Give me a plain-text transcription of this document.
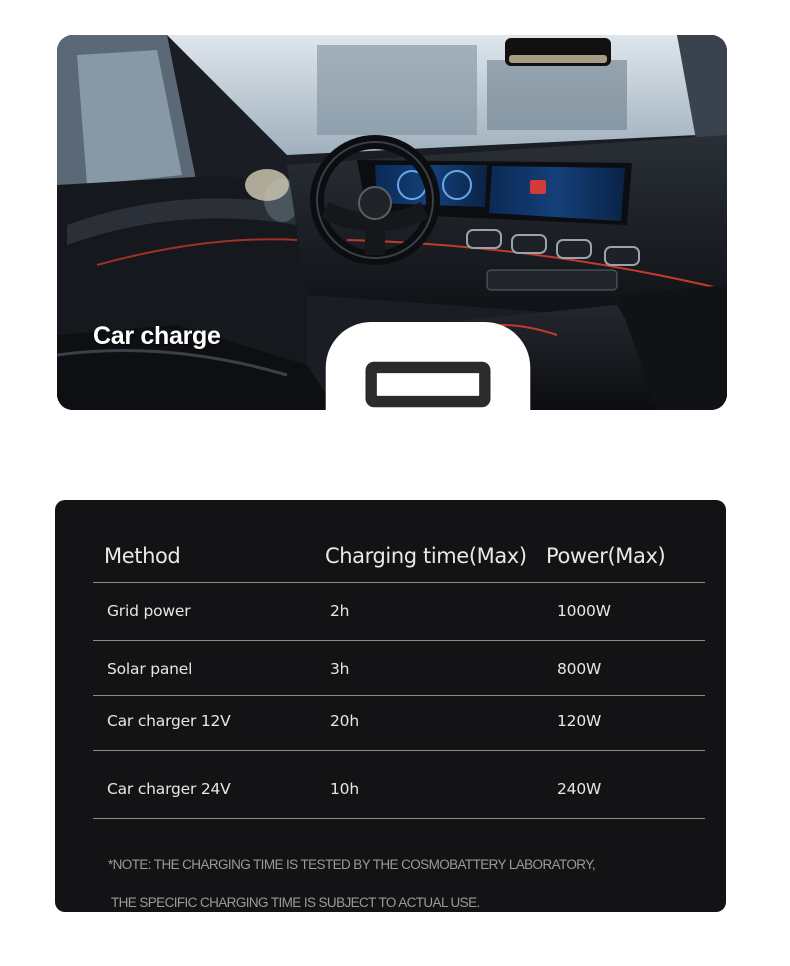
Car charge
Method	Charging time(Max) Power(Max)
Grid power	2h	1000W
Solar panel	3h	800W
Car charger 12V	20h	120W
Car charger 24V	10h	240W
*NOTE: THE CHARGING TIME IS TESTED BY THE COSMOBATTERY LABORATORY,
THE SPECIFIC CHARGING TIME IS SUBJECT TO ACTUAL USE.
